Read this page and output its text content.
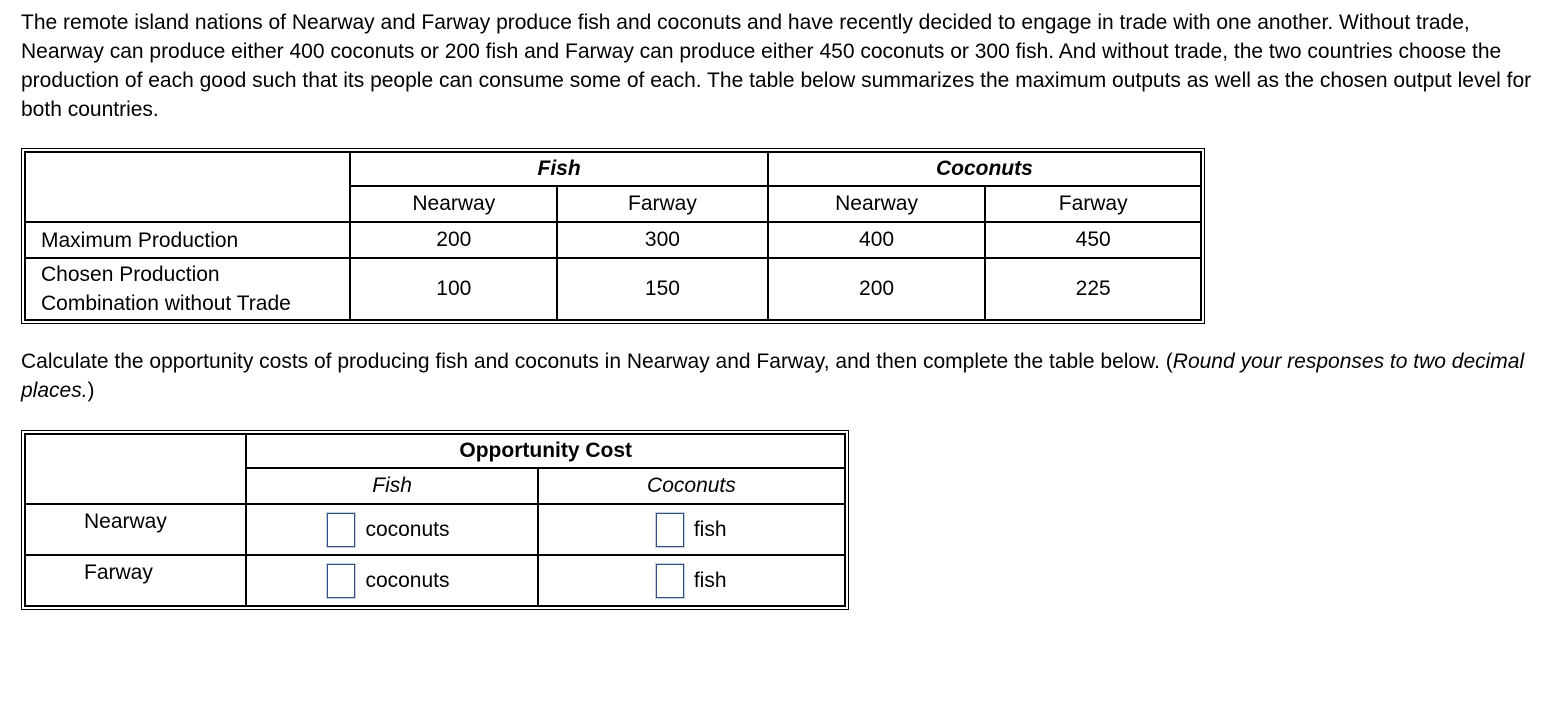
The remote island nations of Nearway and Farway produce fish and coconuts and have recently decided to engage in trade with one another. Without trade, Nearway can produce either 400 coconuts or 200 fish and Farway can produce either 450 coconuts or 300 fish. And without trade, the two countries choose the production of each good such that its people can consume some of each. The table below summarizes the maximum outputs as well as the chosen output level for both countries.

	Fish		Coconuts	
	Nearway	Farway	Nearway	Farway
Maximum Production	200	300	400	450
Chosen Production
Combination without Trade	100	150	200	225

Calculate the opportunity costs of producing fish and coconuts in Nearway and Farway, and then complete the table below. (Round your responses to two decimal places.)

	Opportunity Cost	
	Fish	Coconuts
Nearway	coconuts	fish

Farway	coconuts	fish
